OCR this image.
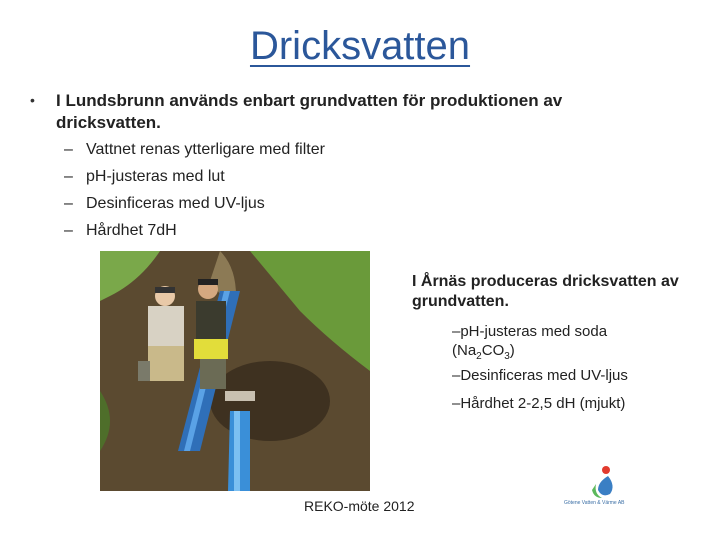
Dricksvatten
• I Lundsbrunn används enbart grundvatten för produktionen av dricksvatten.
– Vattnet renas ytterligare med filter
– pH-justeras med lut
– Desinficeras med UV-ljus
– Hårdhet 7dH
I Årnäs produceras dricksvatten av grundvatten.
–pH-justeras med soda
$(Na_2CO_3)$
–Desinficeras med UV-ljus
–Hårdhet 2-2,5 dH (mjukt)
REKO-möte 2012	Götene Vatten & Värme AB
